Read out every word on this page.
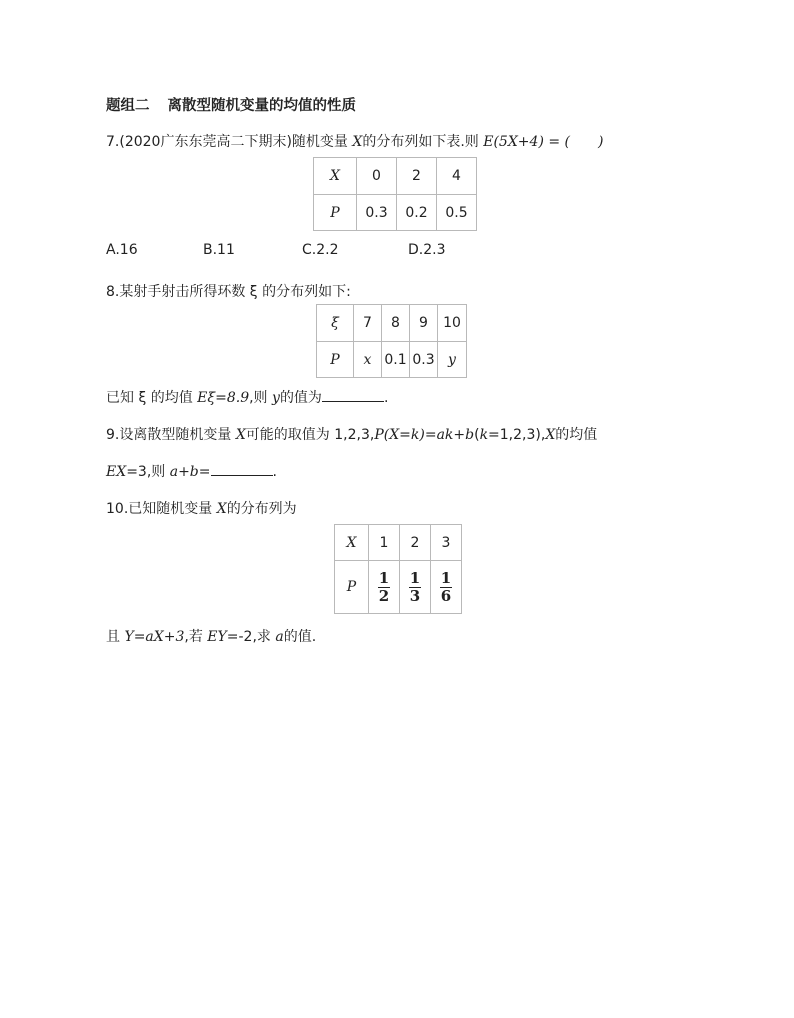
题组二 离散型随机变量的均值的性质
7.(2020广东东莞高二下期末)随机变量 X的分布列如下表.则 E(5X+4) = (　　)
X	0	2	4
P	0.3	0.2	0.5
A.16	B.11	C.2.2	D.2.3
8.某射手射击所得环数 ξ 的分布列如下:
ξ	7	8	9	10
P	x	0.1	0.3	y
已知 ξ 的均值 Eξ=8.9,则 y的值为	.
9.设离散型随机变量 X可能的取值为 1,2,3,P(X=k)=ak+b(k=1,2,3),X的均值
EX=3,则 a+b=	.
10.已知随机变量 X的分布列为
X	1	2	3
P	$\frac{1}{2}$	$\frac{1}{3}$	$\frac{1}{6}$
且 Y=aX+3,若 EY=-2,求 a的值.
